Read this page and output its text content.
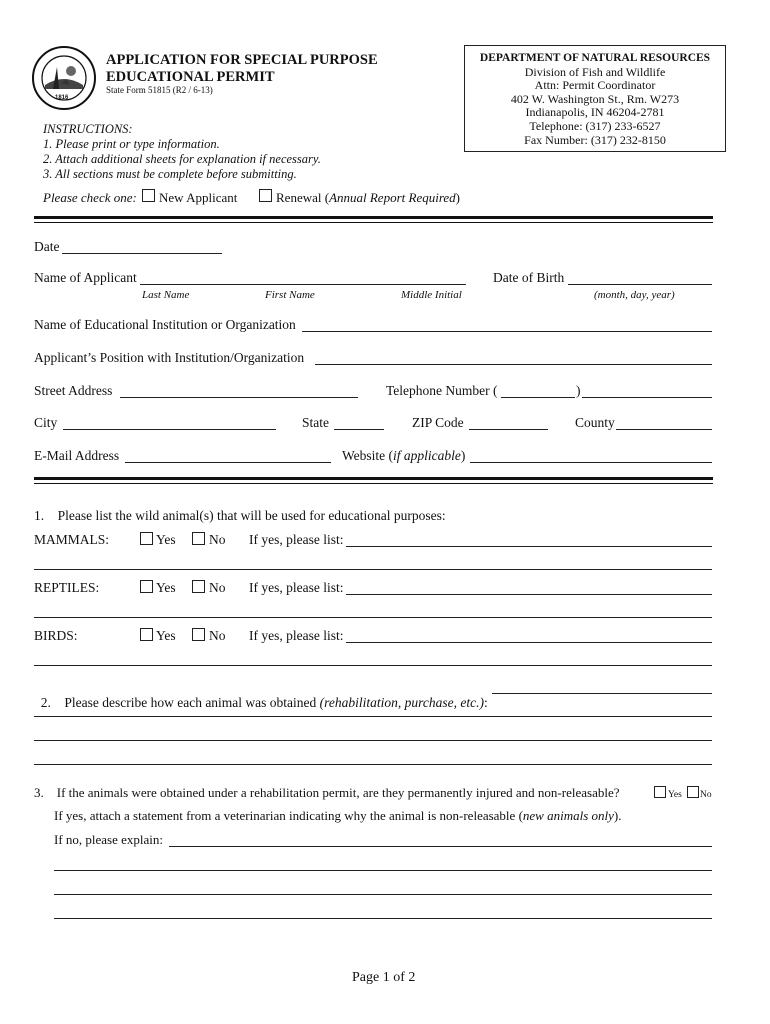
1816
APPLICATION FOR SPECIAL PURPOSE
EDUCATIONAL PERMIT
State Form 51815 (R2 / 6-13)
DEPARTMENT OF NATURAL RESOURCES
Division of Fish and Wildlife
Attn: Permit Coordinator
402 W. Washington St., Rm. W273
Indianapolis, IN 46204-2781
Telephone: (317) 233-6527
Fax Number: (317) 232-8150
INSTRUCTIONS:
1. Please print or type information.
2. Attach additional sheets for explanation if necessary.
3. All sections must be complete before submitting.
Please check one: New Applicant	Renewal (Annual Report Required)
Date
Name of Applicant
Last Name	First Name	Middle Initial
Date of Birth
(month, day, year)
Name of Educational Institution or Organization
Applicant’s Position with Institution/Organization
Street Address	Telephone Number (	)
City	State	ZIP Code	County
E-Mail Address	Website (if applicable)
1.    Please list the wild animal(s) that will be used for educational purposes:
MAMMALS:	Yes No If yes, please list:
REPTILES:	Yes No If yes, please list:
BIRDS:	Yes No If yes, please list:

2.    Please describe how each animal was obtained (rehabilitation, purchase, etc.):

3.    If the animals were obtained under a rehabilitation permit, are they permanently injured and non-releasable?	Yes No
If yes, attach a statement from a veterinarian indicating why the animal is non-releasable (new animals only).
If no, please explain:
Page 1 of 2
